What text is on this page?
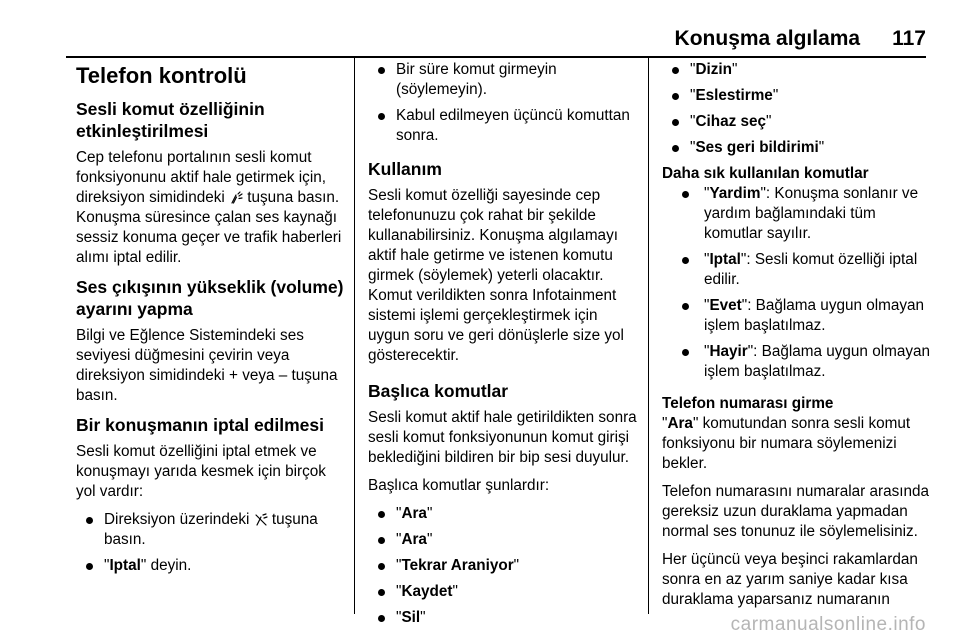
Konuşma algılama 117
Telefon kontrolü
Sesli komut özelliğinin etkinleştirilmesi

Cep telefonu portalının sesli komut fonksiyonunu aktif hale getirmek için, direksiyon simidindeki tuşuna basın. Konuşma süresince çalan ses kaynağı sessiz konuma geçer ve trafik haberleri alımı iptal edilir.

Ses çıkışının yükseklik (volume) ayarını yapma

Bilgi ve Eğlence Sistemindeki ses seviyesi düğmesini çevirin veya direksiyon simidindeki + veya – tuşuna basın.

Bir konuşmanın iptal edilmesi

Sesli komut özelliğini iptal etmek ve konuşmayı yarıda kesmek için birçok yol vardır:

Direksiyon üzerindeki tuşuna basın.
"Iptal" deyin.
Bir süre komut girmeyin (söylemeyin).
Kabul edilmeyen üçüncü komuttan sonra.
Kullanım

Sesli komut özelliği sayesinde cep telefonunuzu çok rahat bir şekilde kullanabilirsiniz. Konuşma algılamayı aktif hale getirme ve istenen komutu girmek (söylemek) yeterli olacaktır. Komut verildikten sonra Infotainment sistemi işlemi gerçekleştirmek için uygun soru ve geri dönüşlerle size yol gösterecektir.

Başlıca komutlar

Sesli komut aktif hale getirildikten sonra sesli komut fonksiyonunun komut girişi beklediğini bildiren bir bip sesi duyulur.

Başlıca komutlar şunlardır:

"Ara"
"Ara"
"Tekrar Araniyor"
"Kaydet"
"Sil"
"Dizin"
"Eslestirme"
"Cihaz seç"
"Ses geri bildirimi"
Daha sık kullanılan komutlar
"Yardim": Konuşma sonlanır ve yardım bağlamındaki tüm komutlar sayılır.
"Iptal": Sesli komut özelliği iptal edilir.
"Evet": Bağlama uygun olmayan işlem başlatılmaz.
"Hayir": Bağlama uygun olmayan işlem başlatılmaz.
Telefon numarası girme

"Ara" komutundan sonra sesli komut fonksiyonu bir numara söylemenizi bekler.

Telefon numarasını numaralar arasında gereksiz uzun duraklama yapmadan normal ses tonunuz ile söylemelisiniz.

Her üçüncü veya beşinci rakamlardan sonra en az yarım saniye kadar kısa duraklama yaparsanız numaranın

carmanualsonline.info
